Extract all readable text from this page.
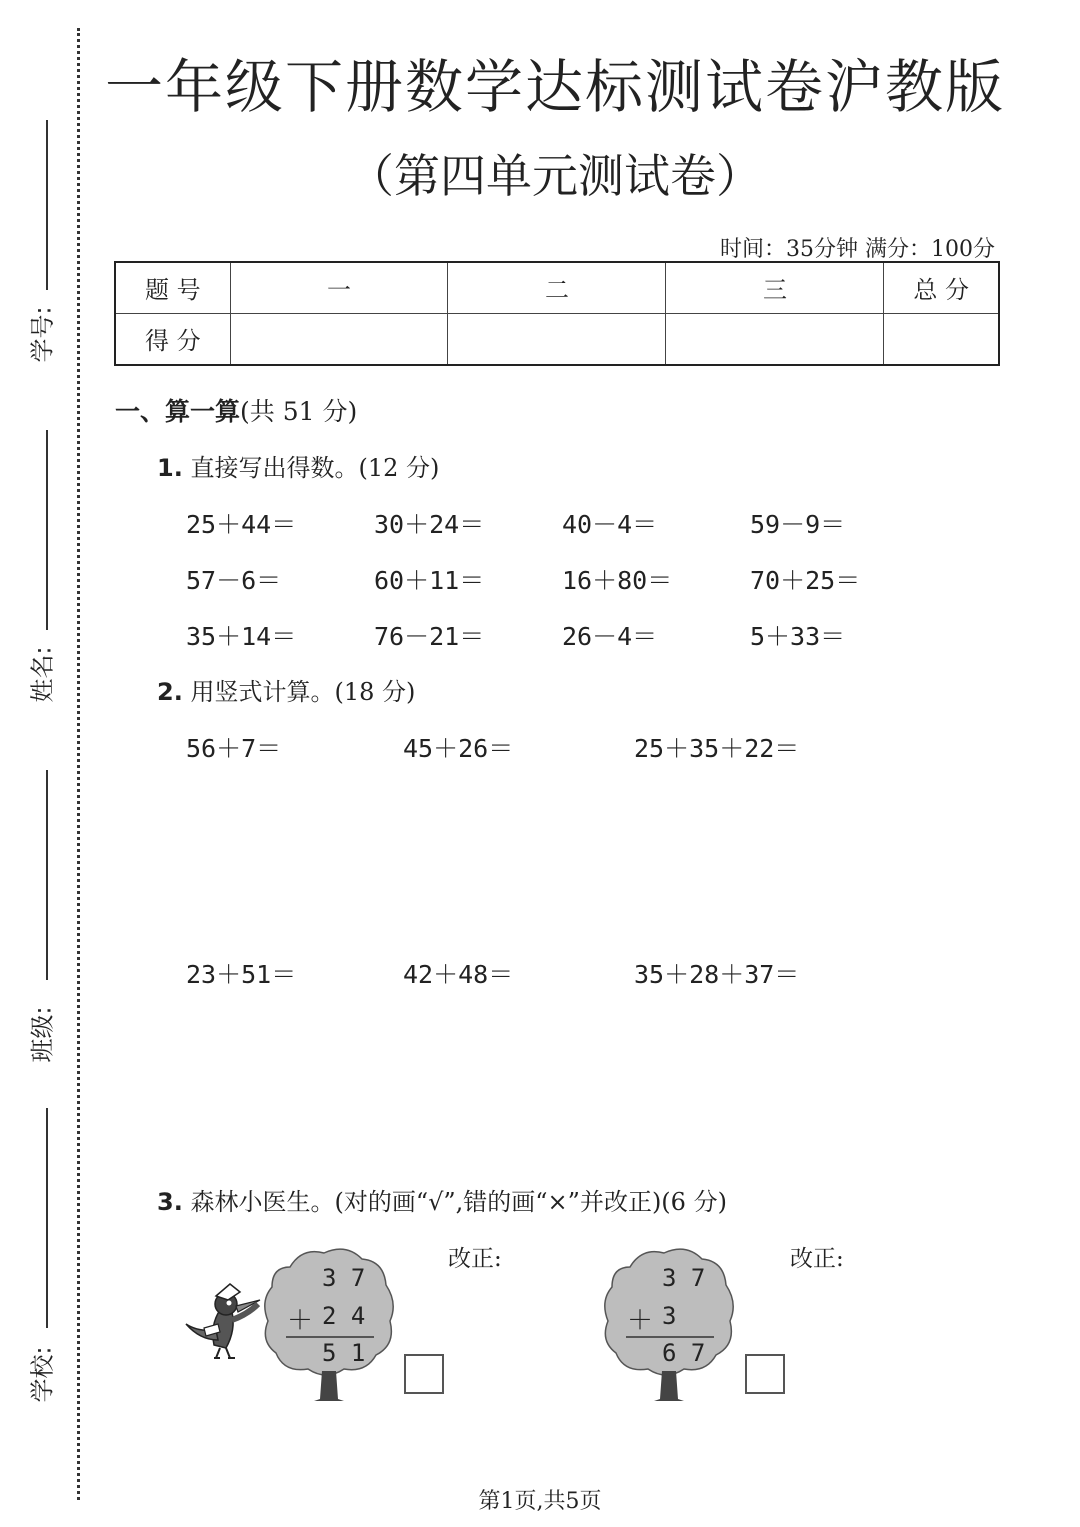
学号:
姓名:
班级:
学校:
一年级下册数学达标测试卷沪教版
（第四单元测试卷）
时间：35分钟 满分：100分
题 号	一	二	三	总 分
得 分				
一、算一算(共 51 分)
1. 直接写出得数。(12 分)
25＋44＝	30＋24＝	40－4＝	59－9＝
57－6＝	60＋11＝	16＋80＝	70＋25＝
35＋14＝	76－21＝	26－4＝	5＋33＝
2. 用竖式计算。(18 分)
56＋7＝	45＋26＝	25＋35＋22＝
23＋51＝	42＋48＝	35＋28＋37＝
3. 森林小医生。(对的画“√”,错的画“×”并改正)(6 分)
改正:	改正:
3 7
＋ 2 4
5 1
3 7
＋ 3
6 7
第1页,共5页
